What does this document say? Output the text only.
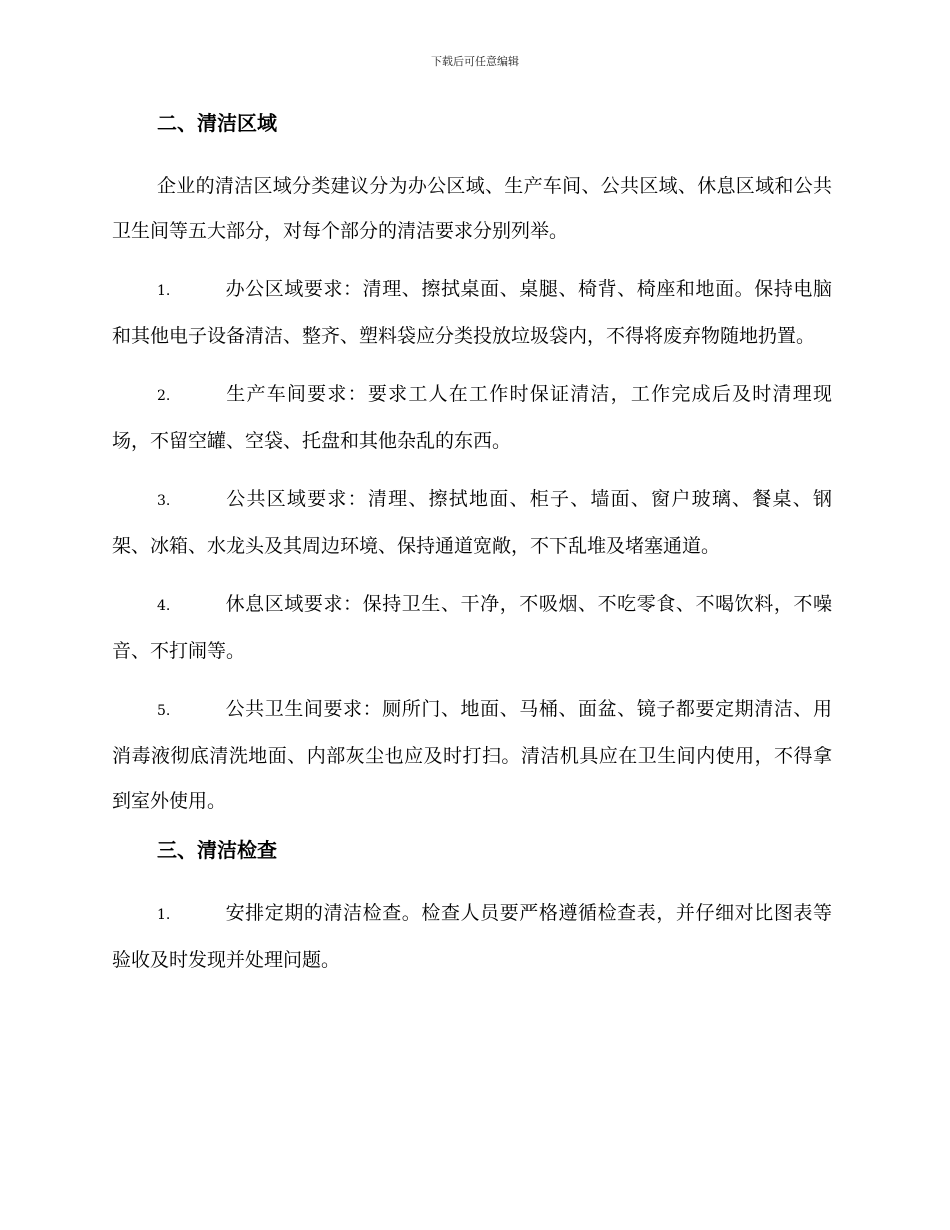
下载后可任意编辑
二、清洁区域

企业的清洁区域分类建议分为办公区域、生产车间、公共区域、休息区域和公共卫生间等五大部分，对每个部分的清洁要求分别列举。

1.	办公区域要求：清理、擦拭桌面、桌腿、椅背、椅座和地面。保持电脑和其他电子设备清洁、整齐、塑料袋应分类投放垃圾袋内，不得将废弃物随地扔置。

2.	生产车间要求：要求工人在工作时保证清洁，工作完成后及时清理现场，不留空罐、空袋、托盘和其他杂乱的东西。

3.	公共区域要求：清理、擦拭地面、柜子、墙面、窗户玻璃、餐桌、钢架、冰箱、水龙头及其周边环境、保持通道宽敞，不下乱堆及堵塞通道。

4.	休息区域要求：保持卫生、干净，不吸烟、不吃零食、不喝饮料，不噪音、不打闹等。

5.	公共卫生间要求：厕所门、地面、马桶、面盆、镜子都要定期清洁、用消毒液彻底清洗地面、内部灰尘也应及时打扫。清洁机具应在卫生间内使用，不得拿到室外使用。

三、清洁检查

1.	安排定期的清洁检查。检查人员要严格遵循检查表，并仔细对比图表等验收及时发现并处理问题。
